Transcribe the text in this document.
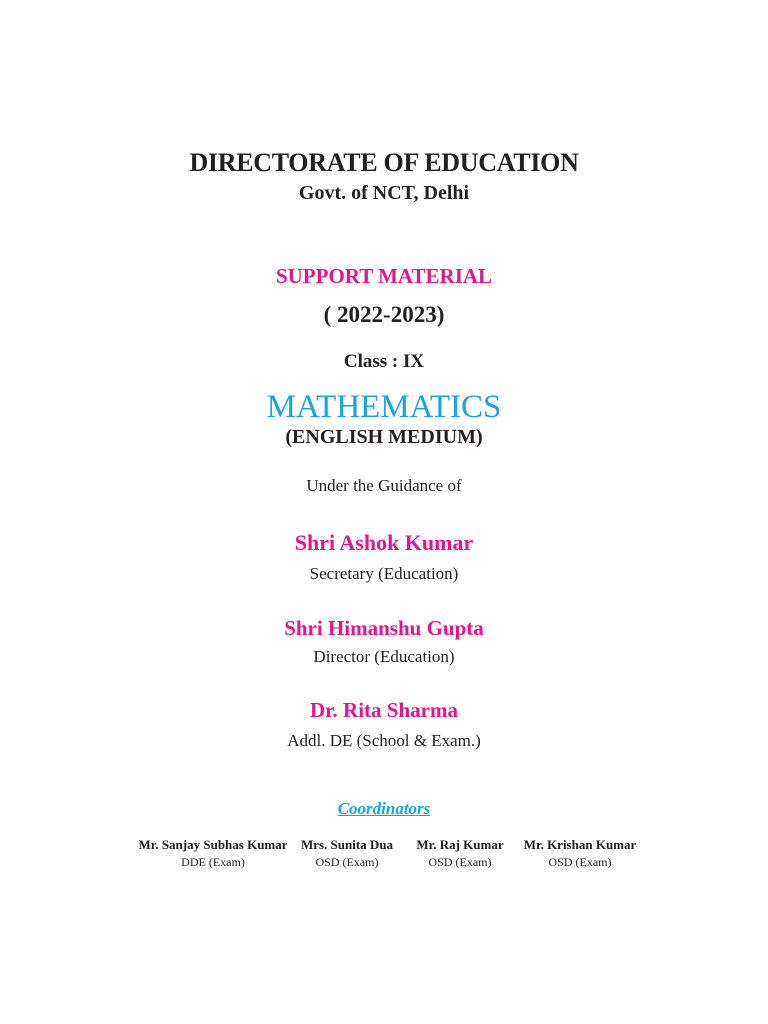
DIRECTORATE OF EDUCATION
Govt. of NCT, Delhi
SUPPORT MATERIAL
( 2022-2023)
Class : IX
MATHEMATICS
(ENGLISH MEDIUM)
Under the Guidance of
Shri Ashok Kumar
Secretary (Education)
Shri Himanshu Gupta
Director (Education)
Dr. Rita Sharma
Addl. DE (School & Exam.)
Coordinators
Mr. Sanjay Subhas Kumar
DDE (Exam)
Mrs. Sunita Dua
OSD (Exam)
Mr. Raj Kumar
OSD (Exam)
Mr. Krishan Kumar
OSD (Exam)
